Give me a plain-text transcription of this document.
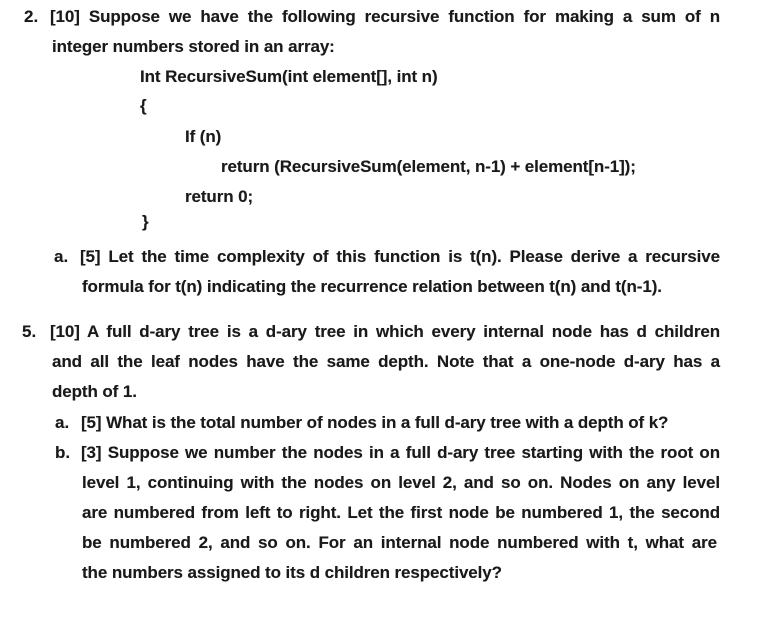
2. [10] Suppose we have the following recursive function for making a sum of n
integer numbers stored in an array:
Int RecursiveSum(int element[], int n)
{
If (n)
return (RecursiveSum(element, n-1) + element[n-1]);
return 0;
}
a. [5] Let the time complexity of this function is t(n). Please derive a recursive
formula for t(n) indicating the recurrence relation between t(n) and t(n-1).
5. [10] A full d-ary tree is a d-ary tree in which every internal node has d children
and all the leaf nodes have the same depth. Note that a one-node d-ary has a
depth of 1.
a. [5] What is the total number of nodes in a full d-ary tree with a depth of k?
b. [3] Suppose we number the nodes in a full d-ary tree starting with the root on
level 1, continuing with the nodes on level 2, and so on. Nodes on any level
are numbered from left to right. Let the first node be numbered 1, the second
be numbered 2, and so on. For an internal node numbered with t, what are
the numbers assigned to its d children respectively?
